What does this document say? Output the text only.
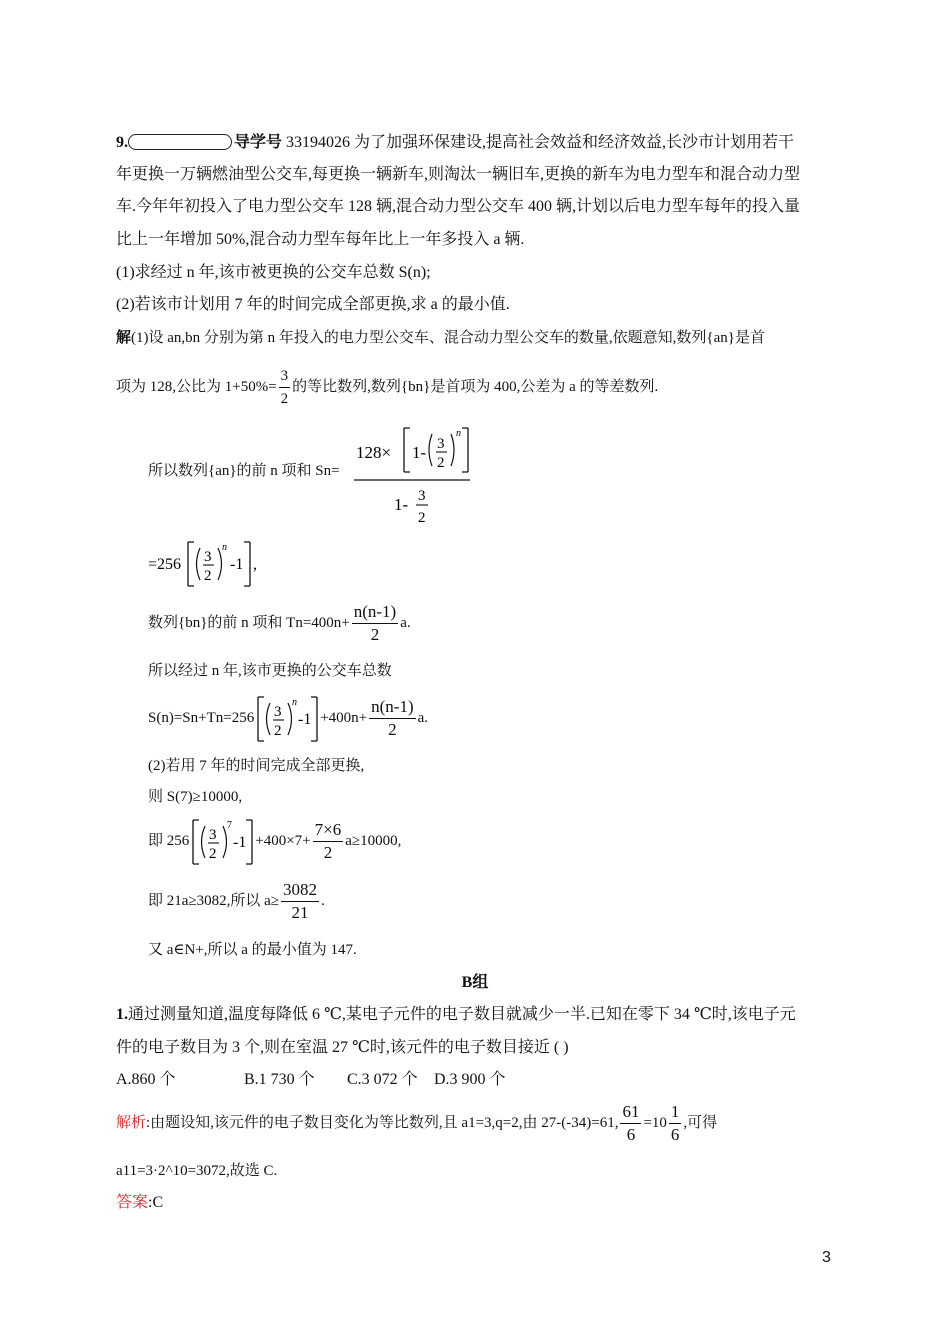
9.	导学号 33194026 为了加强环保建设,提高社会效益和经济效益,长沙市计划用若干
年更换一万辆燃油型公交车,每更换一辆新车,则淘汰一辆旧车,更换的新车为电力型车和混合动力型
车.今年年初投入了电力型公交车 128 辆,混合动力型公交车 400 辆,计划以后电力型车每年的投入量
比上一年增加 50%,混合动力型车每年比上一年多投入 a 辆.
(1)求经过 n 年,该市被更换的公交车总数 S(n);
(2)若该市计划用 7 年的时间完成全部更换,求 a 的最小值.
解(1)设 an,bn 分别为第 n 年投入的电力型公交车、混合动力型公交车的数量,依题意知,数列{an}是首
项为 128,公比为 $1+50\%= \frac{3}{2}$ 的等比数列,数列{bn}是首项为 400,公差为 a 的等差数列.
所以数列{an}的前 n 项和 Sn=
128× 1- 3
2
n
1- 3
2
=256 3
2
n
-1 ,
数列{bn}的前 n 项和 $Tn=400n+ \frac{n(n-1)}{2} a$.
所以经过 n 年,该市更换的公交车总数
S(n)=Sn+Tn=256 3
2
n
$-1 +400n+ \frac{n(n-1)}{2} a$.
(2)若用 7 年的时间完成全部更换,
则 S(7)≥10000,
即 256 3
2
7
$-1 +400\times 7+ \frac{7\times 6}{2} a\ge 10000$,
即 21a≥3082,所以 $a\ge \frac{3082}{21}$ .
又 a∈N+,所以 a 的最小值为 147.
B组
1.通过测量知道,温度每降低 6 ℃,某电子元件的电子数目就减少一半.已知在零下 34 ℃时,该电子元
件的电子数目为 3 个,则在室温 27 ℃时,该元件的电子数目接近 ( )
A.860 个	B.1 730 个 C.3 072 个 D.3 900 个
解析:由题设知,该元件的电子数目变化为等比数列,且 a1=3,q=2,由 27-(-34)=61, $\frac{61}{6} =10 \frac{1}{6}$ ,可得
a11=3·2^10=3072,故选 C.
答案:C
3
